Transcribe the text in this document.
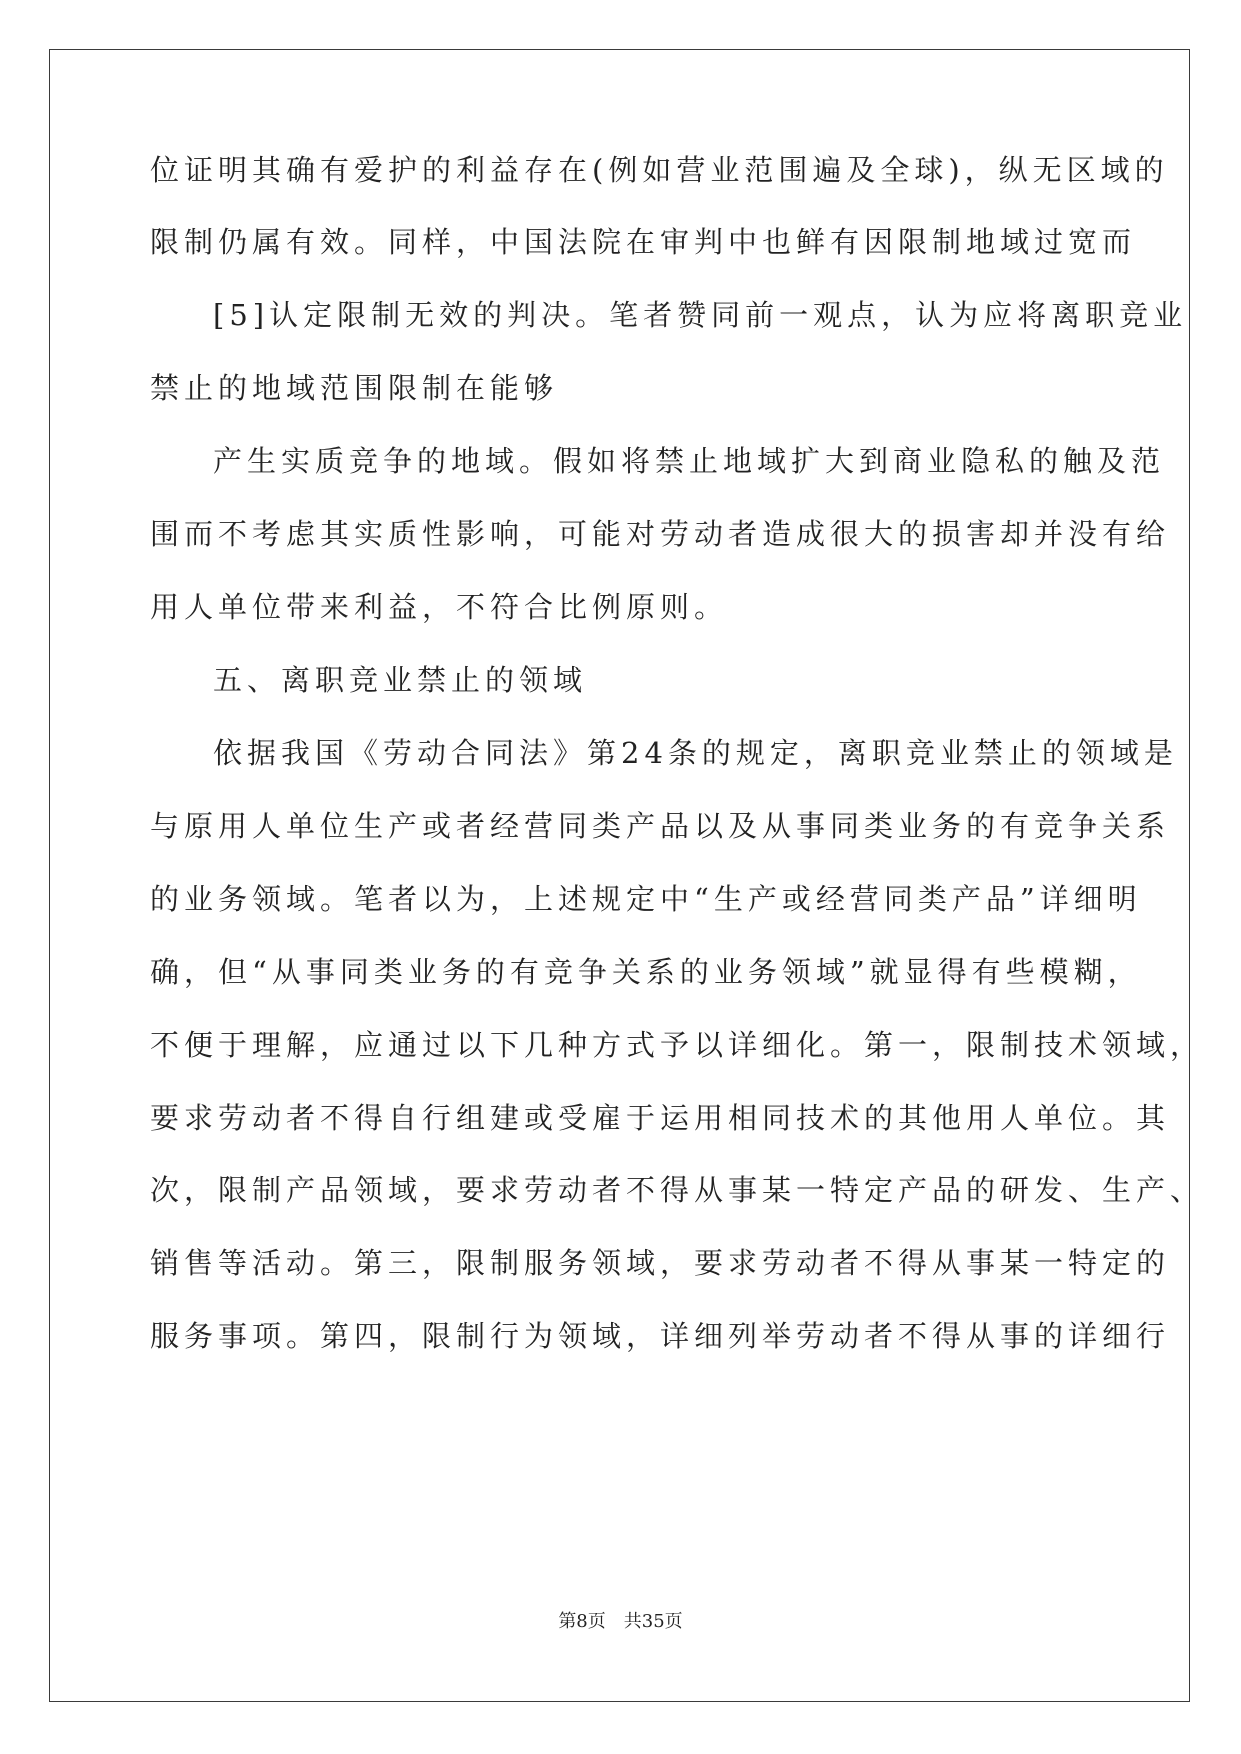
位证明其确有爱护的利益存在(例如营业范围遍及全球)，纵无区域的
限制仍属有效。同样，中国法院在审判中也鲜有因限制地域过宽而
[5]认定限制无效的判决。笔者赞同前一观点，认为应将离职竞业
禁止的地域范围限制在能够
产生实质竞争的地域。假如将禁止地域扩大到商业隐私的触及范
围而不考虑其实质性影响，可能对劳动者造成很大的损害却并没有给
用人单位带来利益，不符合比例原则。
五、离职竞业禁止的领域
依据我国《劳动合同法》第24条的规定，离职竞业禁止的领域是
与原用人单位生产或者经营同类产品以及从事同类业务的有竞争关系
的业务领域。笔者以为，上述规定中“生产或经营同类产品”详细明
确，但“从事同类业务的有竞争关系的业务领域”就显得有些模糊，
不便于理解，应通过以下几种方式予以详细化。第一，限制技术领域，
要求劳动者不得自行组建或受雇于运用相同技术的其他用人单位。其
次，限制产品领域，要求劳动者不得从事某一特定产品的研发、生产、
销售等活动。第三，限制服务领域，要求劳动者不得从事某一特定的
服务事项。第四，限制行为领域，详细列举劳动者不得从事的详细行
第8页 共35页
